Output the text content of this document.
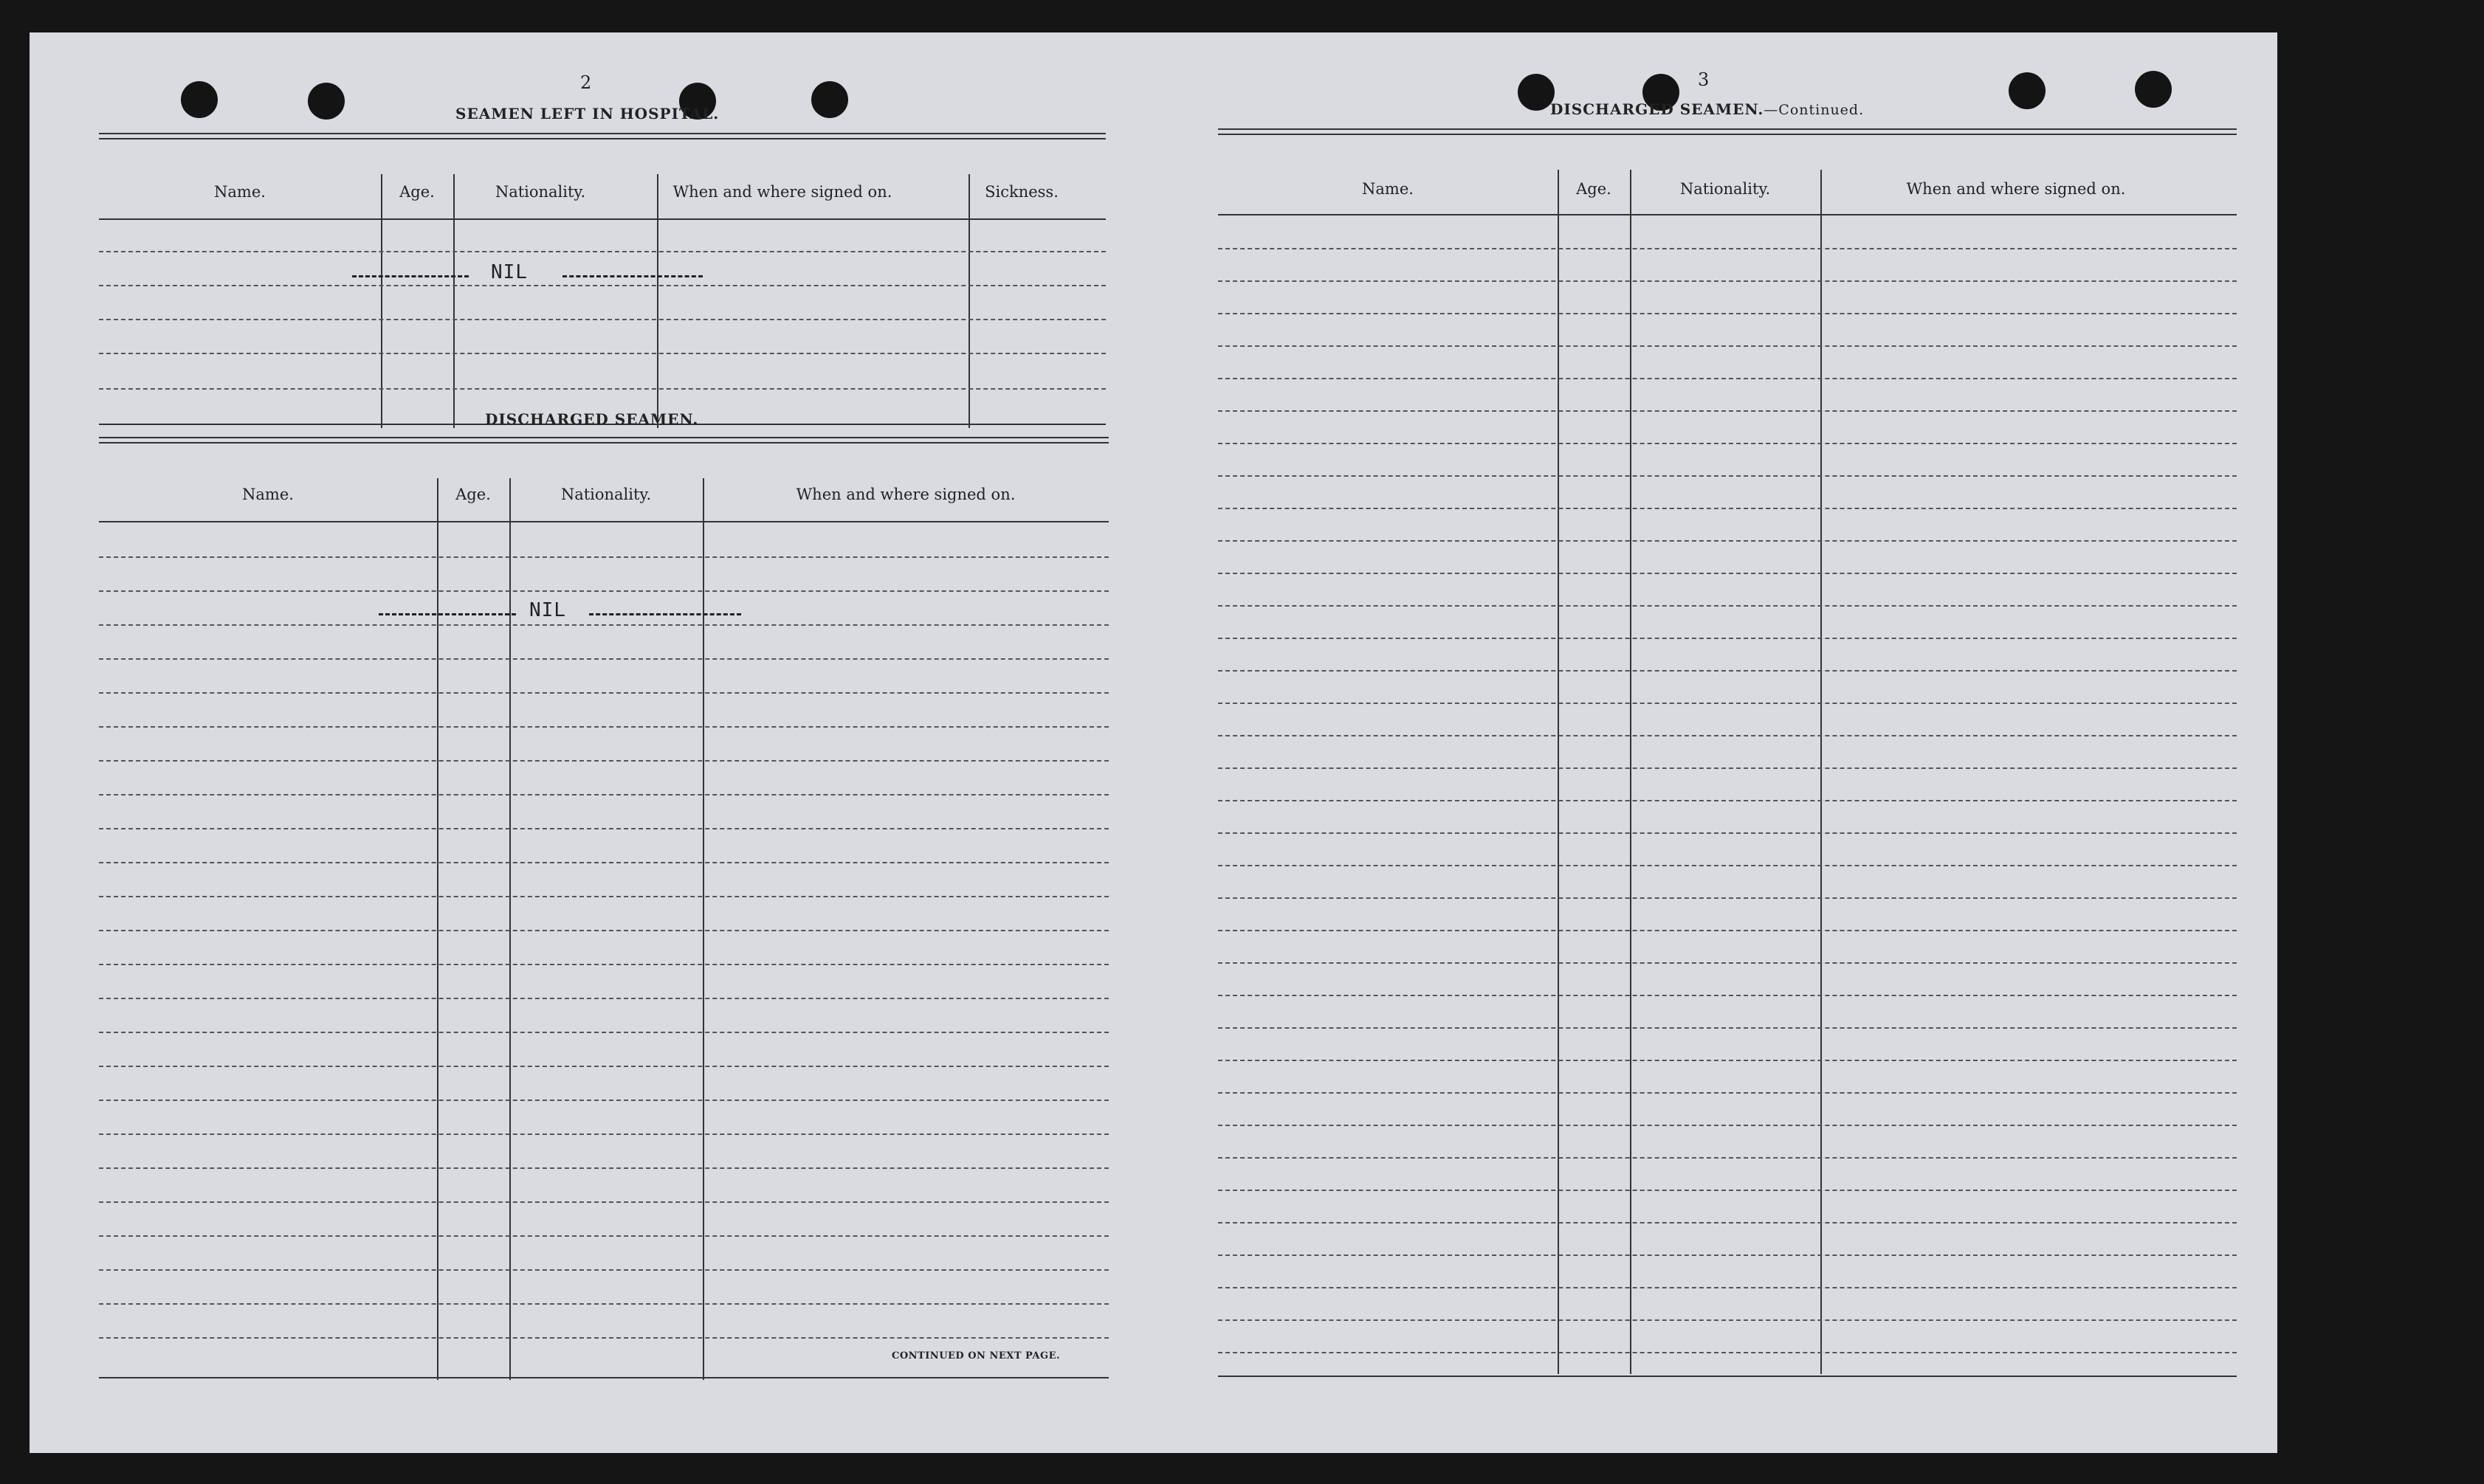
2
SEAMEN LEFT IN HOSPITAL.
Name.	Age.	Nationality.	When and where signed on.	Sickness.
NIL
DISCHARGED SEAMEN.
Name.	Age.	Nationality.	When and where signed on.
NIL
CONTINUED ON NEXT PAGE.
3
DISCHARGED SEAMEN.—Continued.
Name.	Age.	Nationality.	When and where signed on.
